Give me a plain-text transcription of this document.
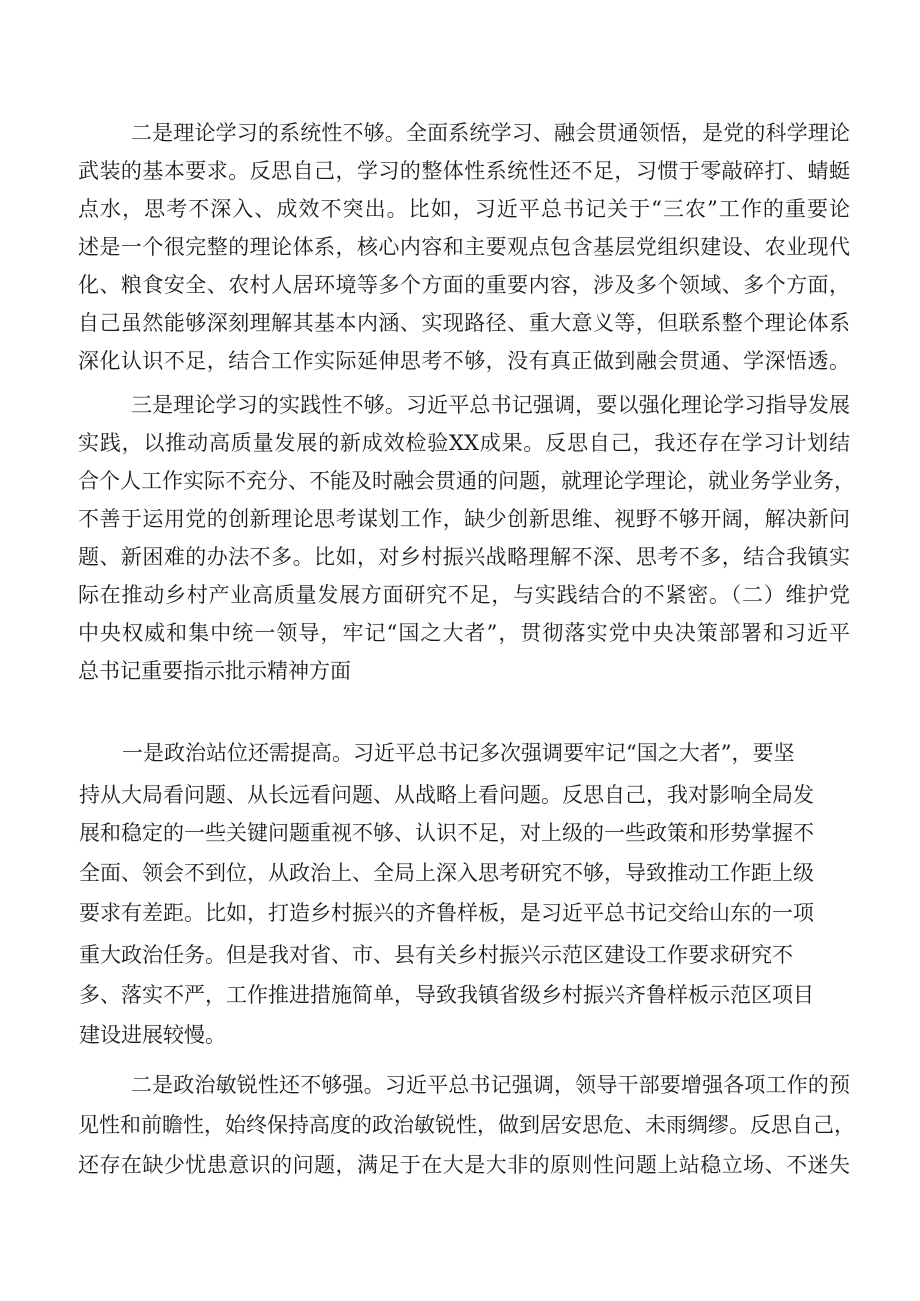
二是理论学习的系统性不够。全面系统学习、融会贯通领悟，是党的科学理论
武装的基本要求。反思自己，学习的整体性系统性还不足，习惯于零敲碎打、蜻蜓
点水，思考不深入、成效不突出。比如，习近平总书记关于“三农”工作的重要论
述是一个很完整的理论体系，核心内容和主要观点包含基层党组织建设、农业现代
化、粮食安全、农村人居环境等多个方面的重要内容，涉及多个领域、多个方面，
自己虽然能够深刻理解其基本内涵、实现路径、重大意义等，但联系整个理论体系
深化认识不足，结合工作实际延伸思考不够，没有真正做到融会贯通、学深悟透。
三是理论学习的实践性不够。习近平总书记强调，要以强化理论学习指导发展
实践，以推动高质量发展的新成效检验XX成果。反思自己，我还存在学习计划结
合个人工作实际不充分、不能及时融会贯通的问题，就理论学理论，就业务学业务，
不善于运用党的创新理论思考谋划工作，缺少创新思维、视野不够开阔，解决新问
题、新困难的办法不多。比如，对乡村振兴战略理解不深、思考不多，结合我镇实
际在推动乡村产业高质量发展方面研究不足，与实践结合的不紧密。（二）维护党
中央权威和集中统一领导，牢记“国之大者”，贯彻落实党中央决策部署和习近平
总书记重要指示批示精神方面
一是政治站位还需提高。习近平总书记多次强调要牢记“国之大者”，要坚
持从大局看问题、从长远看问题、从战略上看问题。反思自己，我对影响全局发
展和稳定的一些关键问题重视不够、认识不足，对上级的一些政策和形势掌握不
全面、领会不到位，从政治上、全局上深入思考研究不够，导致推动工作距上级
要求有差距。比如，打造乡村振兴的齐鲁样板，是习近平总书记交给山东的一项
重大政治任务。但是我对省、市、县有关乡村振兴示范区建设工作要求研究不
多、落实不严，工作推进措施简单，导致我镇省级乡村振兴齐鲁样板示范区项目
建设进展较慢。
二是政治敏锐性还不够强。习近平总书记强调，领导干部要增强各项工作的预
见性和前瞻性，始终保持高度的政治敏锐性，做到居安思危、未雨绸缪。反思自己，
还存在缺少忧患意识的问题，满足于在大是大非的原则性问题上站稳立场、不迷失
